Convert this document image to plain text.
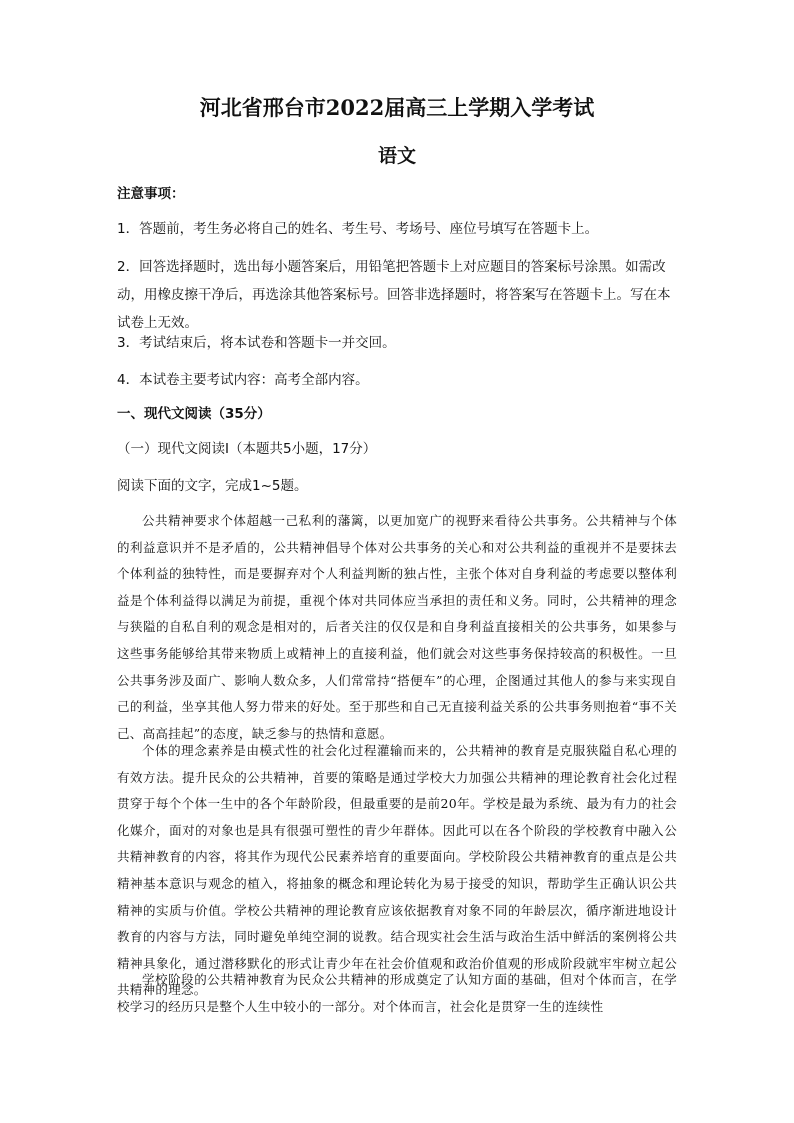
河北省邢台市2022届高三上学期入学考试
语文
注意事项：
1．答题前，考生务必将自己的姓名、考生号、考场号、座位号填写在答题卡上。
2．回答选择题时，选出每小题答案后，用铅笔把答题卡上对应题目的答案标号涂黑。如需改动，用橡皮擦干净后，再选涂其他答案标号。回答非选择题时，将答案写在答题卡上。写在本试卷上无效。
3．考试结束后，将本试卷和答题卡一并交回。
4．本试卷主要考试内容：高考全部内容。
一、现代文阅读（35分）
（一）现代文阅读Ⅰ（本题共5小题，17分）
阅读下面的文字，完成1~5题。
公共精神要求个体超越一己私利的藩篱，以更加宽广的视野来看待公共事务。公共精神与个体的利益意识并不是矛盾的，公共精神倡导个体对公共事务的关心和对公共利益的重视并不是要抹去个体利益的独特性，而是要摒弃对个人利益判断的独占性，主张个体对自身利益的考虑要以整体利益是个体利益得以满足为前提，重视个体对共同体应当承担的责任和义务。同时，公共精神的理念与狭隘的自私自利的观念是相对的，后者关注的仅仅是和自身利益直接相关的公共事务，如果参与这些事务能够给其带来物质上或精神上的直接利益，他们就会对这些事务保持较高的积极性。一旦公共事务涉及面广、影响人数众多，人们常常持“搭便车”的心理，企图通过其他人的参与来实现自己的利益，坐享其他人努力带来的好处。至于那些和自己无直接利益关系的公共事务则抱着“事不关己、高高挂起”的态度，缺乏参与的热情和意愿。
个体的理念素养是由模式性的社会化过程灌输而来的，公共精神的教育是克服狭隘自私心理的有效方法。提升民众的公共精神，首要的策略是通过学校大力加强公共精神的理论教育社会化过程贯穿于每个个体一生中的各个年龄阶段，但最重要的是前20年。学校是最为系统、最为有力的社会化媒介，面对的对象也是具有很强可塑性的青少年群体。因此可以在各个阶段的学校教育中融入公共精神教育的内容，将其作为现代公民素养培育的重要面向。学校阶段公共精神教育的重点是公共精神基本意识与观念的植入，将抽象的概念和理论转化为易于接受的知识，帮助学生正确认识公共精神的实质与价值。学校公共精神的理论教育应该依据教育对象不同的年龄层次，循序渐进地设计教育的内容与方法，同时避免单纯空洞的说教。结合现实社会生活与政治生活中鲜活的案例将公共精神具象化，通过潜移默化的形式让青少年在社会价值观和政治价值观的形成阶段就牢牢树立起公共精神的理念。
学校阶段的公共精神教育为民众公共精神的形成奠定了认知方面的基础，但对个体而言，在学校学习的经历只是整个人生中较小的一部分。对个体而言，社会化是贯穿一生的连续性
